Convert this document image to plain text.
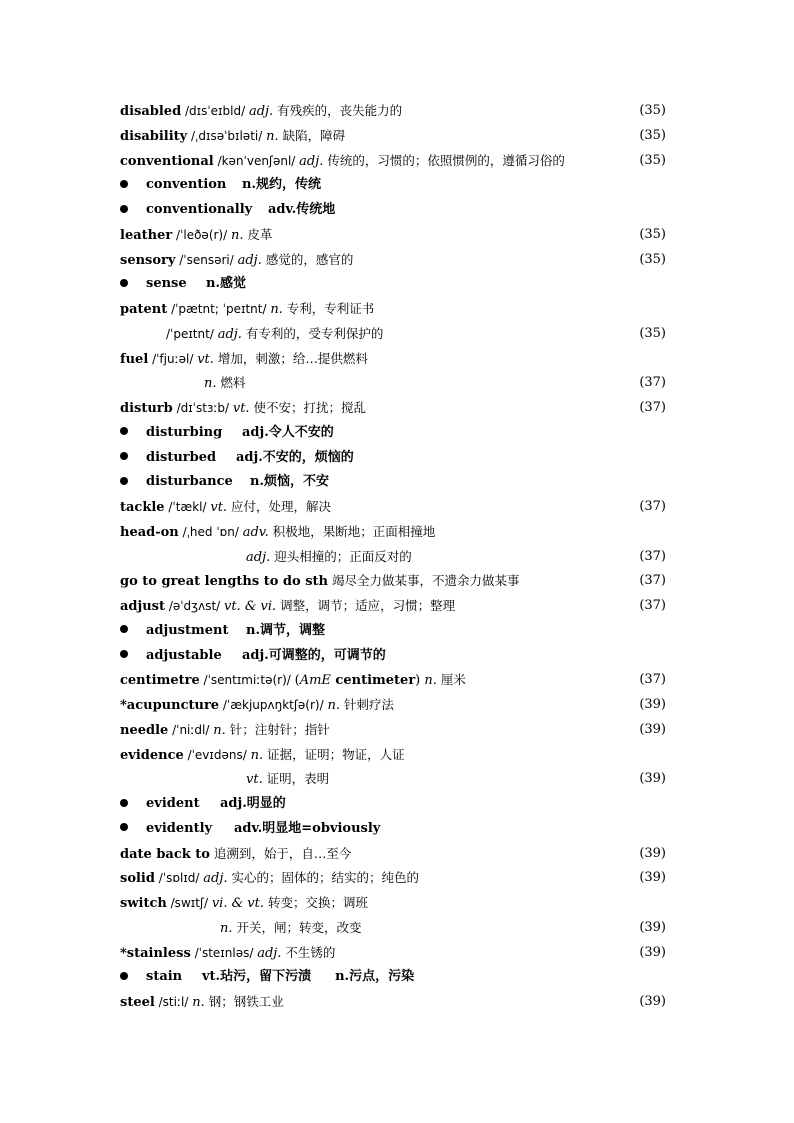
disabled /dɪsˈeɪbld/ adj. 有残疾的，丧失能力的	(35)
disability /ˌdɪsəˈbɪləti/ n. 缺陷，障碍	(35)
conventional /kənˈvenʃənl/ adj. 传统的，习惯的；依照惯例的，遵循习俗的	(35)
convention n.规约，传统
conventionally adv.传统地
leather /ˈleðə(r)/ n. 皮革	(35)
sensory /ˈsensəri/ adj. 感觉的，感官的	(35)
sense n.感觉
patent /ˈpætnt; ˈpeɪtnt/ n. 专利，专利证书
/ˈpeɪtnt/ adj. 有专利的，受专利保护的	(35)
fuel /ˈfjuːəl/ vt. 增加，刺激；给…提供燃料
n. 燃料	(37)
disturb /dɪˈstɜːb/ vt. 使不安；打扰；搅乱	(37)
disturbing adj.令人不安的
disturbed adj.不安的，烦恼的
disturbance n.烦恼，不安
tackle /ˈtækl/ vt. 应付，处理，解决	(37)
head-on /ˌhed ˈɒn/ adv. 积极地，果断地；正面相撞地
adj. 迎头相撞的；正面反对的	(37)
go to great lengths to do sth 竭尽全力做某事，不遗余力做某事	(37)
adjust /əˈdʒʌst/ vt. & vi. 调整，调节；适应，习惯；整理	(37)
adjustment n.调节，调整
adjustable adj.可调整的，可调节的
centimetre /ˈsentɪmiːtə(r)/ (AmE centimeter) n. 厘米	(37)
*acupuncture /ˈækjupʌŋktʃə(r)/ n. 针刺疗法	(39)
needle /ˈniːdl/ n. 针；注射针；指针	(39)
evidence /ˈevɪdəns/ n. 证据，证明；物证，人证
vt. 证明，表明	(39)
evident adj.明显的
evidently adv.明显地=obviously
date back to 追溯到，始于，自…至今	(39)
solid /ˈsɒlɪd/ adj. 实心的；固体的；结实的；纯色的	(39)
switch /swɪtʃ/ vi. & vt. 转变；交换；调班
n. 开关，闸；转变，改变	(39)
*stainless /ˈsteɪnləs/ adj. 不生锈的	(39)
stain vt.玷污，留下污渍 n.污点，污染
steel /stiːl/ n. 钢；钢铁工业	(39)
